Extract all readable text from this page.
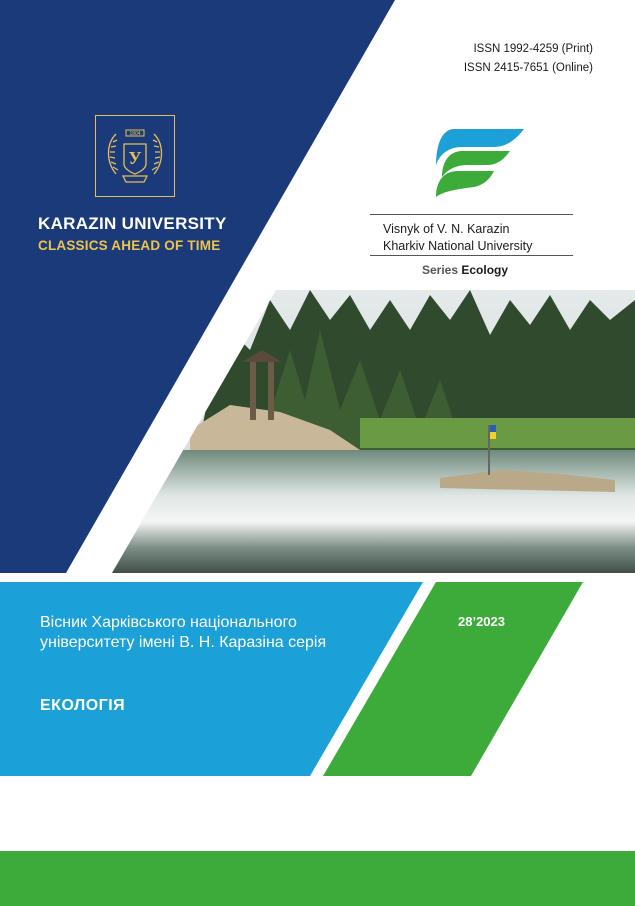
ISSN 1992-4259 (Print)
ISSN 2415-7651 (Online)
1804
У
KARAZIN UNIVERSITY
CLASSICS AHEAD OF TIME
Visnyk of V. N. Karazin
Kharkiv National University
Series Ecology
Вісник Харківського національного університету імені В. Н. Каразіна серія
ЕКОЛОГІЯ
28’2023
